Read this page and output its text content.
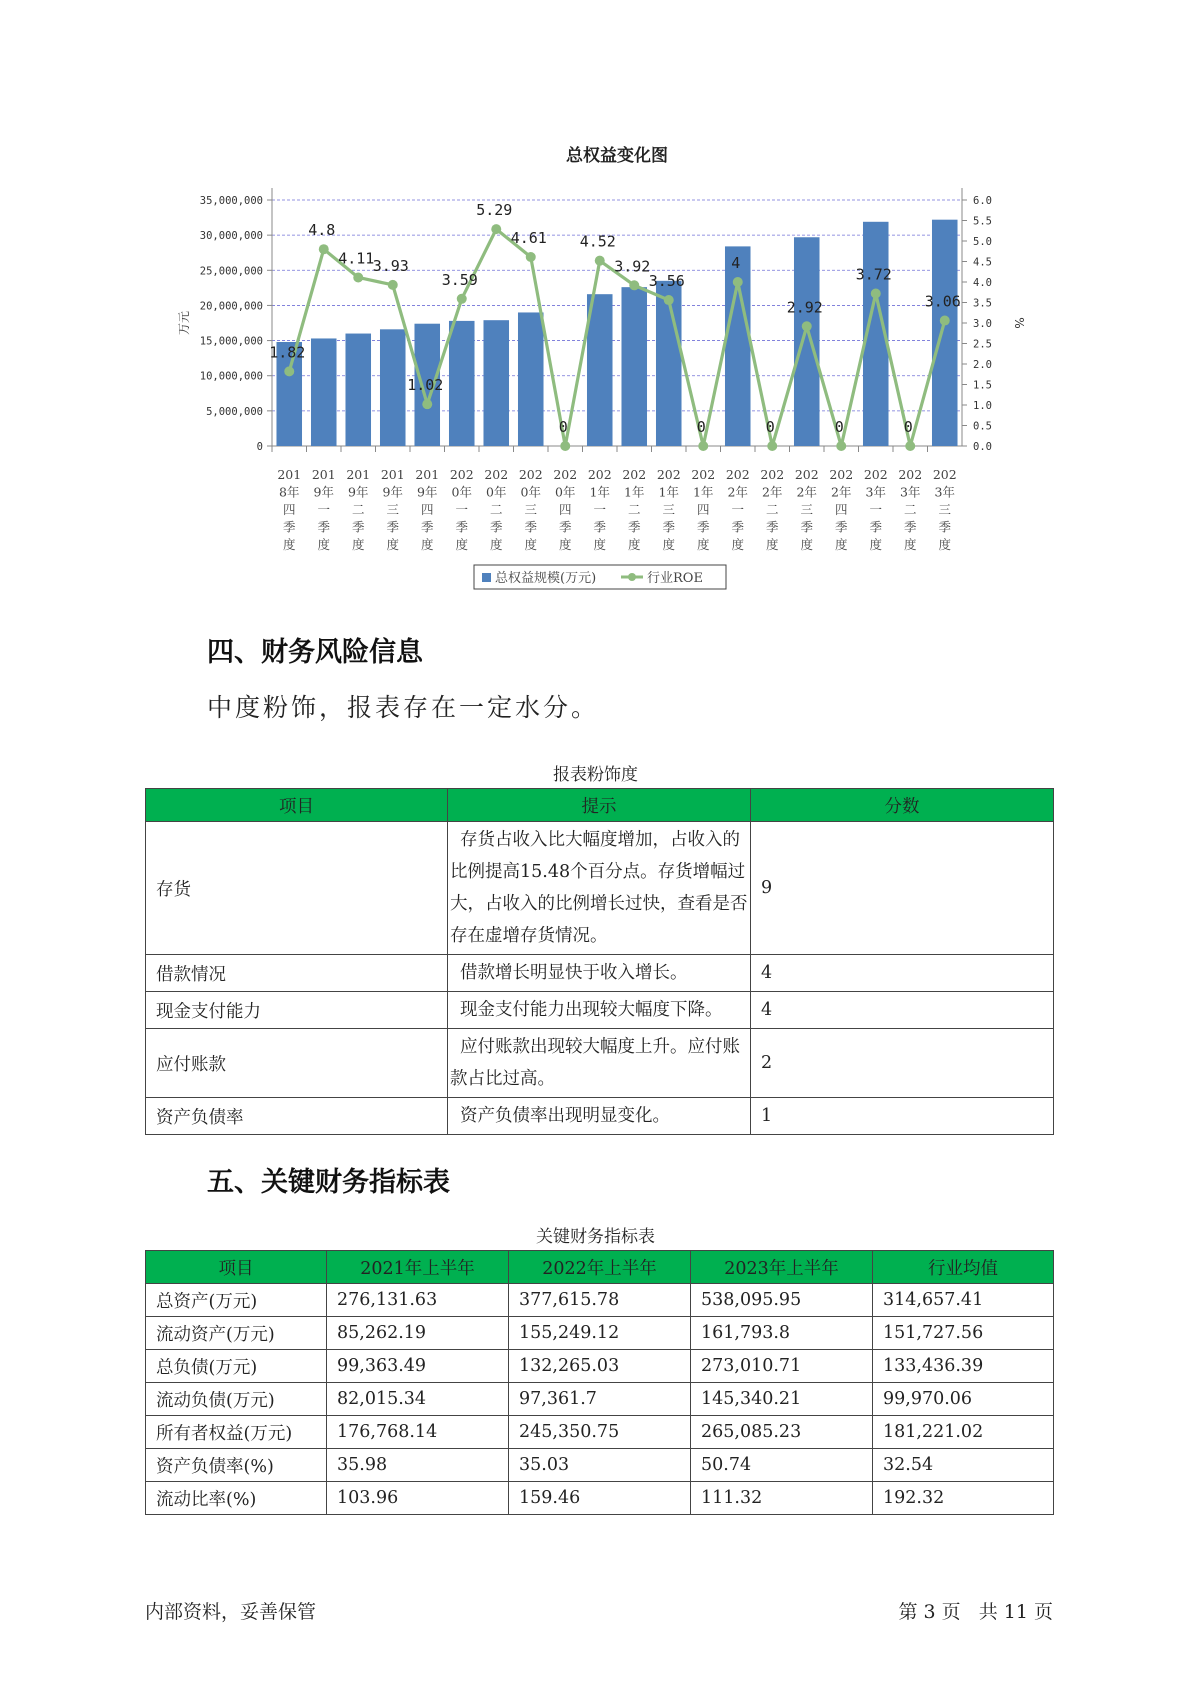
总权益变化图
35,000,000
30,000,000
25,000,000
20,000,000
15,000,000
10,000,000
5,000,000
0
6.0
5.5
5.0
4.5
4.0
3.5
3.0
2.5
2.0
1.5
1.0
0.5
0.0
万元	%
201 8年四季度
201 9年一季度
201 9年二季度
201 9年三季度
201 9年四季度
202 0年一季度
202 0年二季度
202 0年三季度
202 0年四季度
202 1年一季度
202 1年二季度
202 1年三季度
202 1年四季度
202 2年一季度
202 2年二季度
202 2年三季度
202 2年四季度
202 3年一季度
202 3年二季度
202 3年三季度
1.82
4.8
4.11
3.93
1.02
3.59
5.29
4.61
0
4.52
3.92
3.56
0
4
0
2.92
0
3.72
0
3.06
总权益规模(万元)	行业ROE
四、财务风险信息
中度粉饰，报表存在一定水分。
报表粉饰度
项目	提示	分数
存货	存货占收入比大幅度增加，占收入的比例提高15.48个百分点。存货增幅过大，占收入的比例增长过快，查看是否存在虚增存货情况。	9
借款情况	借款增长明显快于收入增长。	4
现金支付能力	现金支付能力出现较大幅度下降。	4
应付账款	应付账款出现较大幅度上升。应付账款占比过高。	2
资产负债率	资产负债率出现明显变化。	1
五、关键财务指标表
关键财务指标表
项目	2021年上半年	2022年上半年	2023年上半年	行业均值
总资产(万元)	276,131.63	377,615.78	538,095.95	314,657.41
流动资产(万元)	85,262.19	155,249.12	161,793.8	151,727.56
总负债(万元)	99,363.49	132,265.03	273,010.71	133,436.39
流动负债(万元)	82,015.34	97,361.7	145,340.21	99,970.06
所有者权益(万元)	176,768.14	245,350.75	265,085.23	181,221.02
资产负债率(%)	35.98	35.03	50.74	32.54
流动比率(%)	103.96	159.46	111.32	192.32
内部资料，妥善保管	第 3 页   共 11 页
